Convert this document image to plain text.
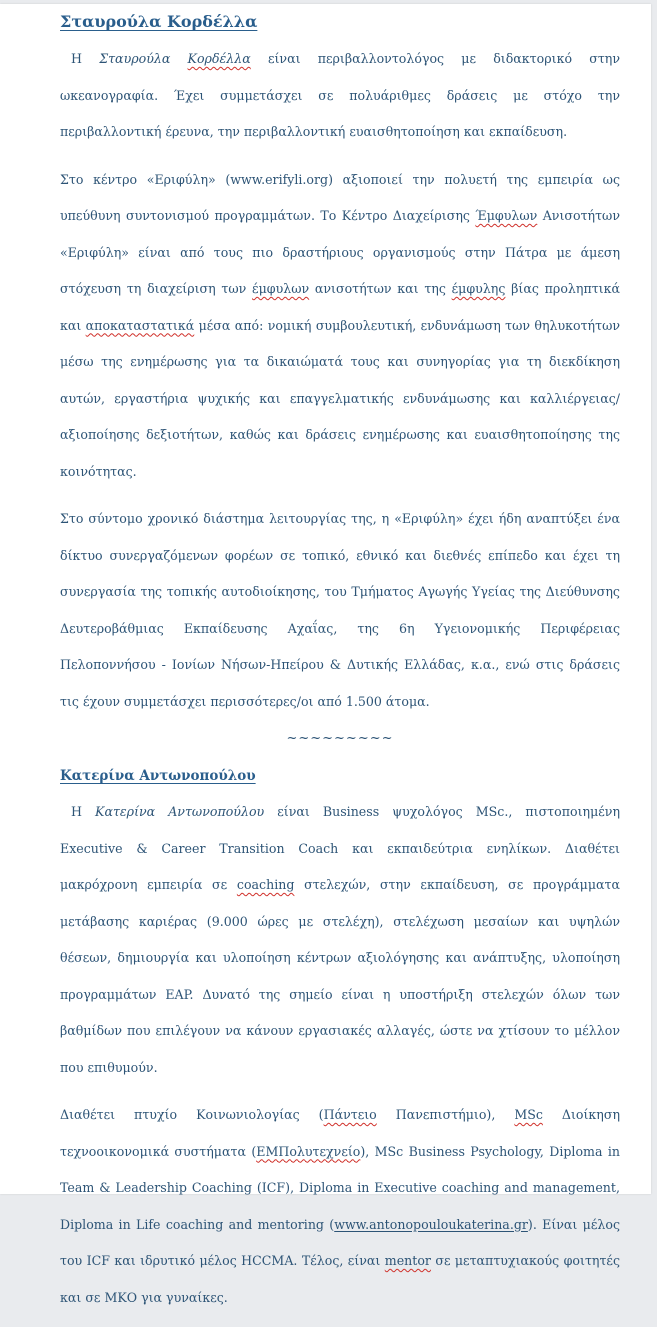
Σταυρούλα Κορδέλλα

Η Σταυρούλα Κορδέλλα είναι περιβαλλοντολόγος με διδακτορικό στην ωκεανογραφία. Έχει συμμετάσχει σε πολυάριθμες δράσεις με στόχο την περιβαλλοντική έρευνα, την περιβαλλοντική ευαισθητοποίηση και εκπαίδευση.

Στο κέντρο «Εριφύλη» (www.erifyli.org) αξιοποιεί την πολυετή της εμπειρία ως υπεύθυνη συντονισμού προγραμμάτων. Το Κέντρο Διαχείρισης Έμφυλων Ανισοτήτων «Εριφύλη» είναι από τους πιο δραστήριους οργανισμούς στην Πάτρα με άμεση στόχευση τη διαχείριση των έμφυλων ανισοτήτων και της έμφυλης βίας προληπτικά και αποκαταστατικά μέσα από: νομική συμβουλευτική, ενδυνάμωση των θηλυκοτήτων μέσω της ενημέρωσης για τα δικαιώματά τους και συνηγορίας για τη διεκδίκηση αυτών, εργαστήρια ψυχικής και επαγγελματικής ενδυνάμωσης και καλλιέργειας/αξιοποίησης δεξιοτήτων, καθώς και δράσεις ενημέρωσης και ευαισθητοποίησης της κοινότητας.

Στο σύντομο χρονικό διάστημα λειτουργίας της, η «Εριφύλη» έχει ήδη αναπτύξει ένα δίκτυο συνεργαζόμενων φορέων σε τοπικό, εθνικό και διεθνές επίπεδο και έχει τη συνεργασία της τοπικής αυτοδιοίκησης, του Τμήματος Αγωγής Υγείας της Διεύθυνσης Δευτεροβάθμιας Εκπαίδευσης Αχαΐας, της 6η Υγειονομικής Περιφέρειας Πελοποννήσου - Ιονίων Νήσων-Ηπείρου & Δυτικής Ελλάδας, κ.α., ενώ στις δράσεις τις έχουν συμμετάσχει περισσότερες/οι από 1.500 άτομα.

~~~~~~~~~
Κατερίνα Αντωνοπούλου

Η Κατερίνα Αντωνοπούλου είναι Business ψυχολόγος MSc., πιστοποιημένη Executive & Career Transition Coach και εκπαιδεύτρια ενηλίκων. Διαθέτει μακρόχρονη εμπειρία σε coaching στελεχών, στην εκπαίδευση, σε προγράμματα μετάβασης καριέρας (9.000 ώρες με στελέχη), στελέχωση μεσαίων και υψηλών θέσεων, δημιουργία και υλοποίηση κέντρων αξιολόγησης και ανάπτυξης, υλοποίηση προγραμμάτων EAP. Δυνατό της σημείο είναι η υποστήριξη στελεχών όλων των βαθμίδων που επιλέγουν να κάνουν εργασιακές αλλαγές, ώστε να χτίσουν το μέλλον που επιθυμούν.

Διαθέτει πτυχίο Κοινωνιολογίας (Πάντειο Πανεπιστήμιο), MSc Διοίκηση τεχνοοικονομικά συστήματα (ΕΜΠολυτεχνείο), MSc Business Psychology, Diploma in Team & Leadership Coaching (ICF), Diploma in Executive coaching and management, Diploma in Life coaching and mentoring (www.antonopouloukaterina.gr). Είναι μέλος του ICF και ιδρυτικό μέλος HCCMA. Τέλος, είναι mentor σε μεταπτυχιακούς φοιτητές και σε ΜΚΟ για γυναίκες.
